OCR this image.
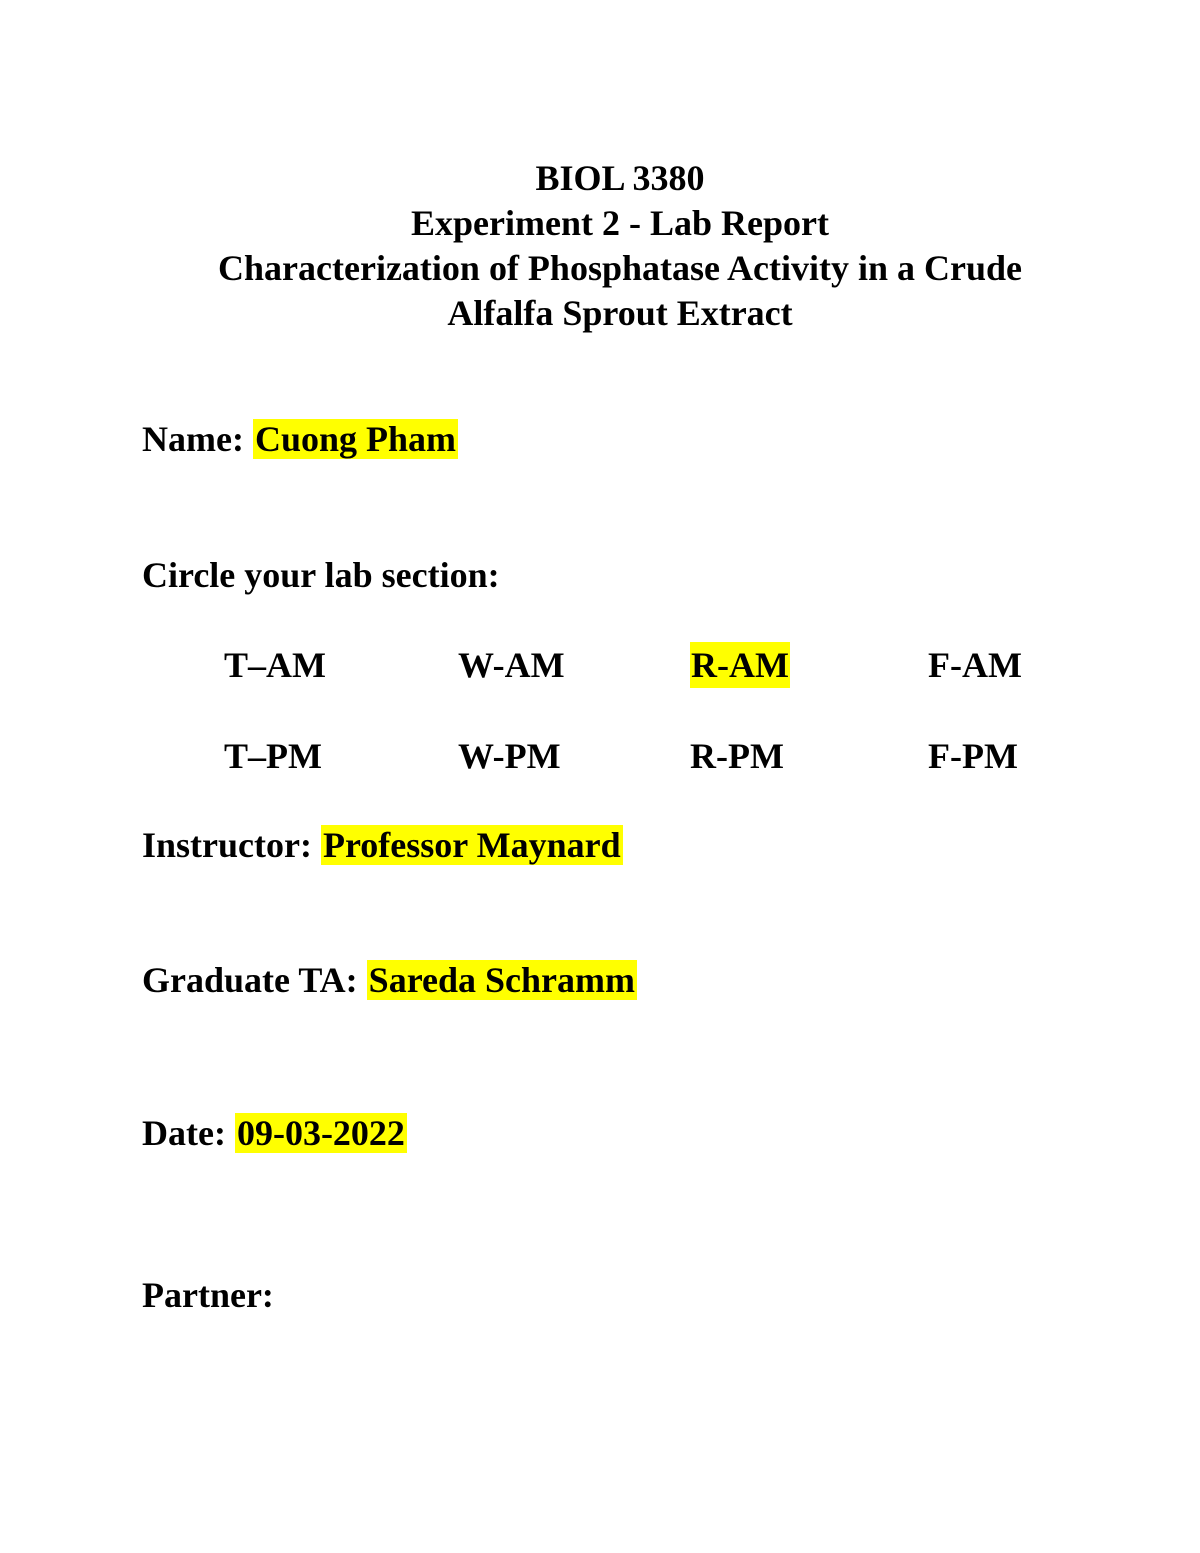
BIOL 3380
Experiment 2 - Lab Report
Characterization of Phosphatase Activity in a Crude
Alfalfa Sprout Extract
Name: Cuong Pham
Circle your lab section:
T–AM	W-AM	R-AM	F-AM
T–PM	W-PM	R-PM	F-PM
Instructor: Professor Maynard
Graduate TA: Sareda Schramm
Date: 09-03-2022
Partner:
